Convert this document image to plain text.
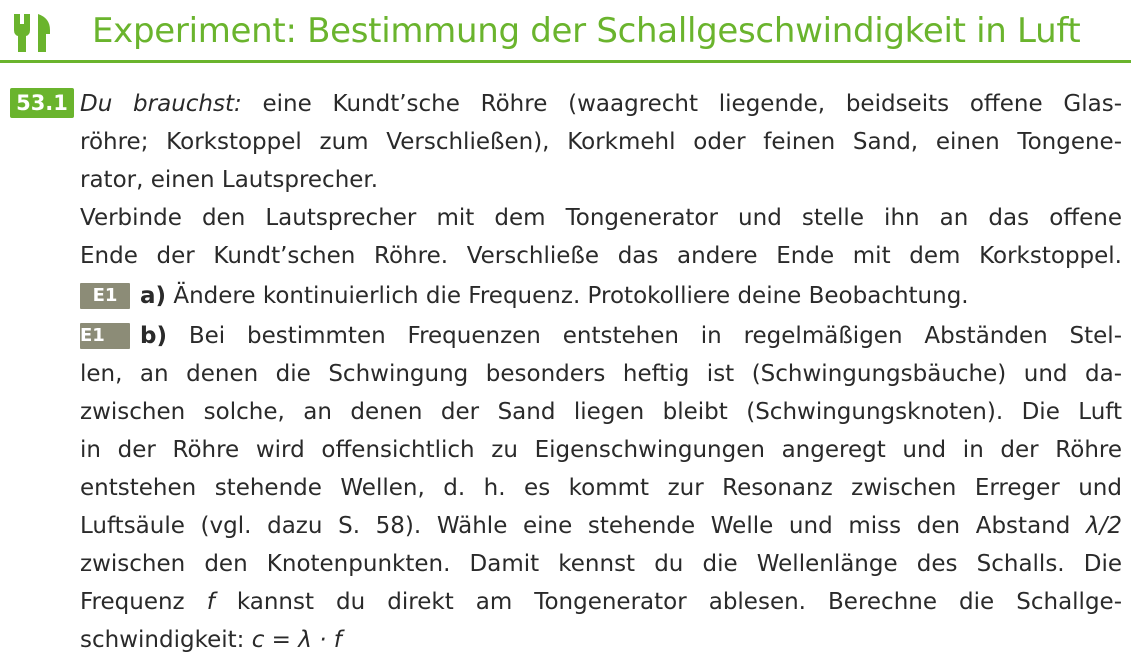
Experiment: Bestimmung der Schallgeschwindigkeit in Luft
53.1 Du brauchst: eine Kundt’sche Röhre (waagrecht liegende, beidseits offene Glas-
röhre; Korkstoppel zum Verschließen), Korkmehl oder feinen Sand, einen Tongene-
rator, einen Lautsprecher.
Verbinde den Lautsprecher mit dem Tongenerator und stelle ihn an das offene
Ende der Kundt’schen Röhre. Verschließe das andere Ende mit dem Korkstoppel.
E1 a) Ändere kontinuierlich die Frequenz. Protokolliere deine Beobachtung.
E1 b) Bei bestimmten Frequenzen entstehen in regelmäßigen Abständen Stel-
len, an denen die Schwingung besonders heftig ist (Schwingungsbäuche) und da-
zwischen solche, an denen der Sand liegen bleibt (Schwingungsknoten). Die Luft
in der Röhre wird offensichtlich zu Eigenschwingungen angeregt und in der Röhre
entstehen stehende Wellen, d. h. es kommt zur Resonanz zwischen Erreger und
Luftsäule (vgl. dazu S. 58). Wähle eine stehende Welle und miss den Abstand λ/2
zwischen den Knotenpunkten. Damit kennst du die Wellenlänge des Schalls. Die
Frequenz f kannst du direkt am Tongenerator ablesen. Berechne die Schallge-
schwindigkeit: c = λ · f
